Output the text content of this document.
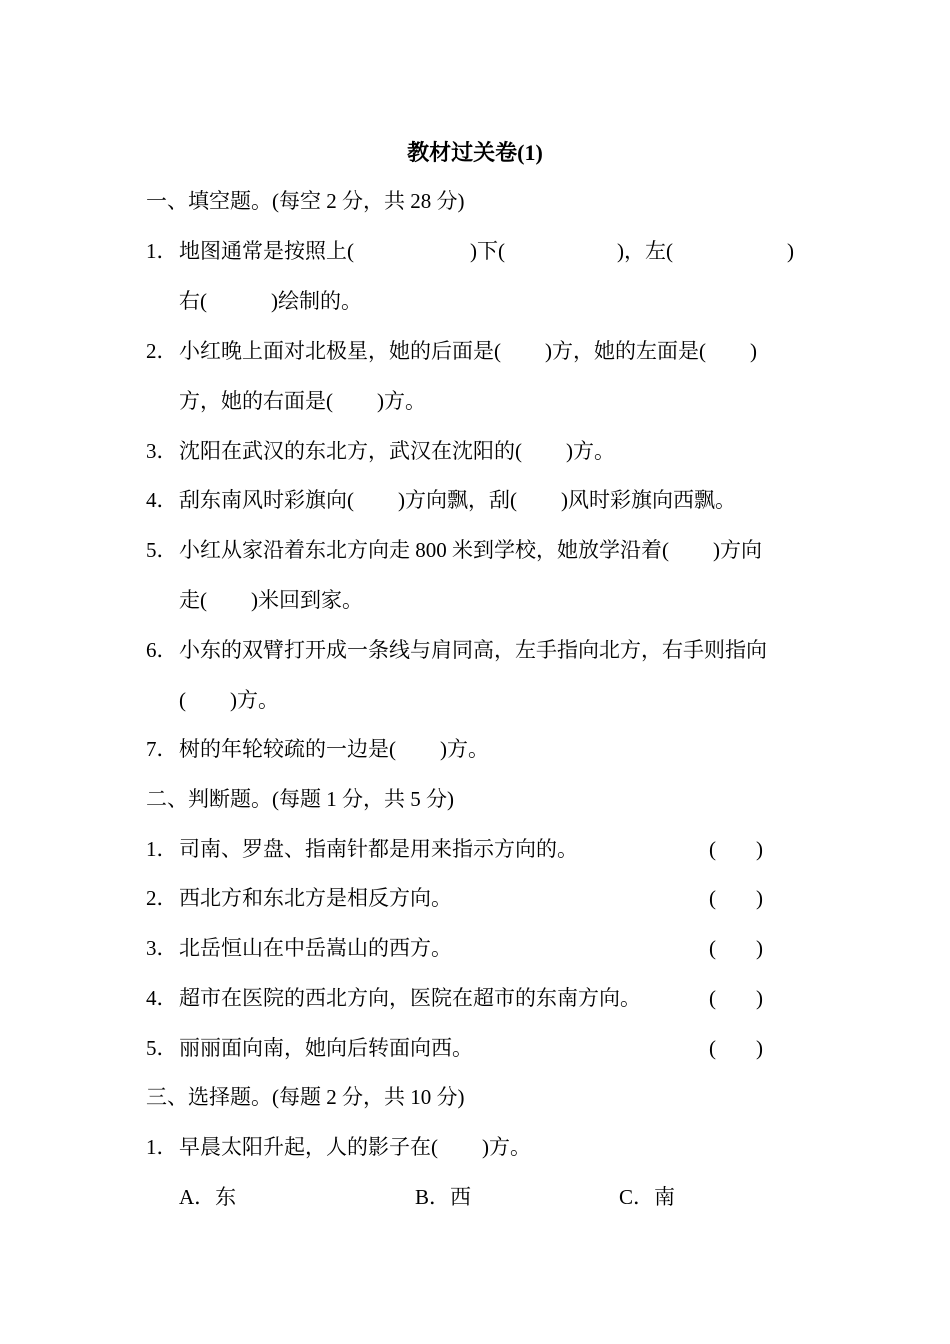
教材过关卷(1)
一、填空题。(每空 2 分，共 28 分)
1．地图通常是按照上(	)下(	)，左(	)
右(	)绘制的。
2．小红晚上面对北极星，她的后面是( )方，她的左面是( )
方，她的右面是( )方。
3．沈阳在武汉的东北方，武汉在沈阳的( )方。
4．刮东南风时彩旗向( )方向飘，刮( )风时彩旗向西飘。
5．小红从家沿着东北方向走 800 米到学校，她放学沿着( )方向
走( )米回到家。
6．小东的双臂打开成一条线与肩同高，左手指向北方，右手则指向
( )方。
7．树的年轮较疏的一边是( )方。
二、判断题。(每题 1 分，共 5 分)
1．司南、罗盘、指南针都是用来指示方向的。	( )
2．西北方和东北方是相反方向。	( )
3．北岳恒山在中岳嵩山的西方。	( )
4．超市在医院的西北方向，医院在超市的东南方向。	( )
5．丽丽面向南，她向后转面向西。	( )
三、选择题。(每题 2 分，共 10 分)
1．早晨太阳升起，人的影子在( )方。
A．东	B．西	C．南
